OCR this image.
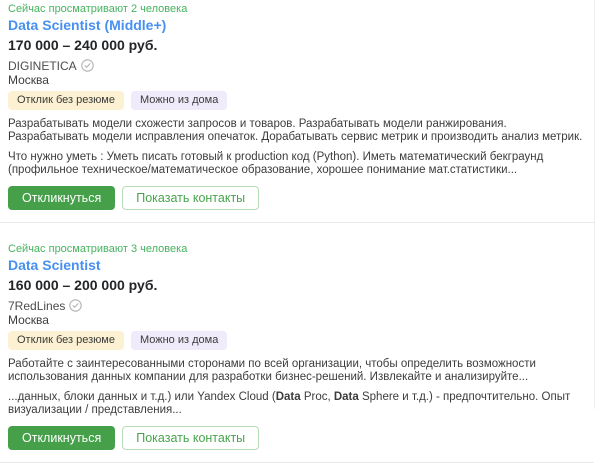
Сейчас просматривают 2 человека
Data Scientist (Middle+)
170 000 – 240 000 руб.
DIGINETICA
Москва
Отклик без резюме	Можно из дома

Разрабатывать модели схожести запросов и товаров. Разрабатывать модели ранжирования. Разрабатывать модели исправления опечаток. Дорабатывать сервис метрик и производить анализ метрик.

Что нужно уметь : Уметь писать готовый к production код (Python). Иметь математический бекграунд (профильное техническое/математическое образование, хорошее понимание мат.статистики...

Откликнуться	Показать контакты
Сейчас просматривают 3 человека
Data Scientist
160 000 – 200 000 руб.
7RedLines
Москва
Отклик без резюме	Можно из дома

Работайте с заинтересованными сторонами по всей организации, чтобы определить возможности использования данных компании для разработки бизнес-решений. Извлекайте и анализируйте...

...данных, блоки данных и т.д.) или Yandex Cloud (Data Proc, Data Sphere и т.д.) - предпочтительно. Опыт визуализации / представления...

Откликнуться	Показать контакты
